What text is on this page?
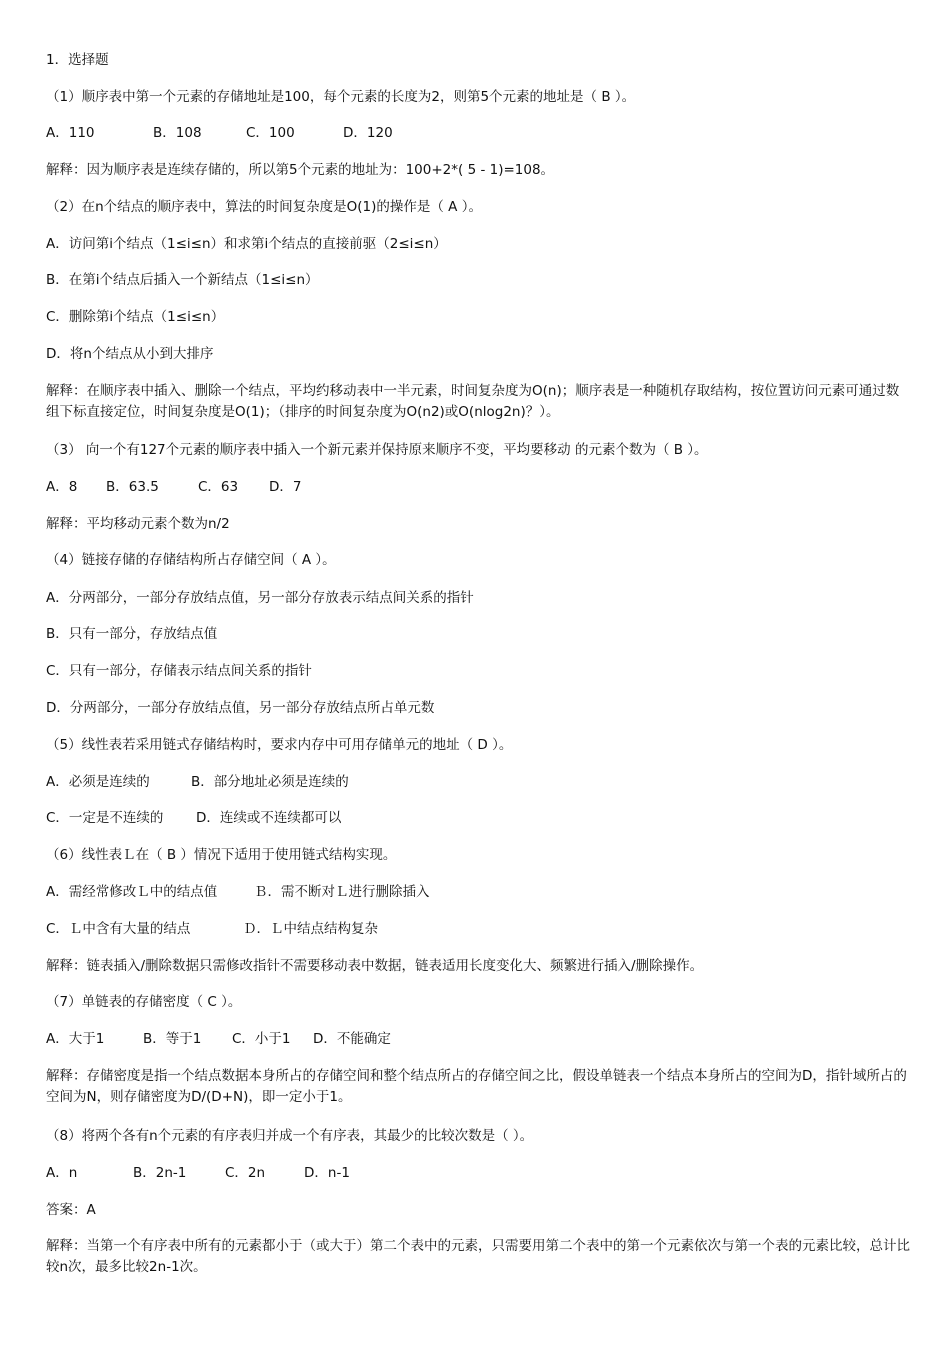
1．选择题
（1）顺序表中第一个元素的存储地址是100，每个元素的长度为2，则第5个元素的地址是（ B ）。
A．110	B．108	C．100	D．120
解释：因为顺序表是连续存储的，所以第5个元素的地址为：100+2*( 5 - 1)=108。
（2）在n个结点的顺序表中，算法的时间复杂度是O(1)的操作是（ A ）。
A．访问第i个结点（1≤i≤n）和求第i个结点的直接前驱（2≤i≤n）
B．在第i个结点后插入一个新结点（1≤i≤n）
C．删除第i个结点（1≤i≤n）
D．将n个结点从小到大排序
解释：在顺序表中插入、删除一个结点，平均约移动表中一半元素，时间复杂度为O(n)；顺序表是一种随机存取结构，按位置访问元素可通过数组下标直接定位，时间复杂度是O(1)；（排序的时间复杂度为O(n2)或O(nlog2n)？）。
（3） 向一个有127个元素的顺序表中插入一个新元素并保持原来顺序不变，平均要移动 的元素个数为（ B ）。
A．8 B．63.5	C．63 D．7
解释：平均移动元素个数为n/2
（4）链接存储的存储结构所占存储空间（ A ）。
A．分两部分，一部分存放结点值，另一部分存放表示结点间关系的指针
B．只有一部分，存放结点值
C．只有一部分，存储表示结点间关系的指针
D．分两部分，一部分存放结点值，另一部分存放结点所占单元数
（5）线性表若采用链式存储结构时，要求内存中可用存储单元的地址（ D ）。
A．必须是连续的	B．部分地址必须是连续的
C．一定是不连续的 D．连续或不连续都可以
（6）线性表Ｌ在（ B ）情况下适用于使用链式结构实现。
A．需经常修改Ｌ中的结点值	Ｂ．需不断对Ｌ进行删除插入
C．Ｌ中含有大量的结点	Ｄ．Ｌ中结点结构复杂
解释：链表插入/删除数据只需修改指针不需要移动表中数据，链表适用长度变化大、频繁进行插入/删除操作。
（7）单链表的存储密度（ C ）。
A．大于1	B．等于1 C．小于1 D．不能确定
解释：存储密度是指一个结点数据本身所占的存储空间和整个结点所占的存储空间之比，假设单链表一个结点本身所占的空间为D，指针域所占的空间为N，则存储密度为D/(D+N)，即一定小于1。
（8）将两个各有n个元素的有序表归并成一个有序表，其最少的比较次数是（ ）。
A．n	B．2n-1	C．2n	D．n-1
答案：A
解释：当第一个有序表中所有的元素都小于（或大于）第二个表中的元素，只需要用第二个表中的第一个元素依次与第一个表的元素比较，总计比较n次，最多比较2n-1次。
